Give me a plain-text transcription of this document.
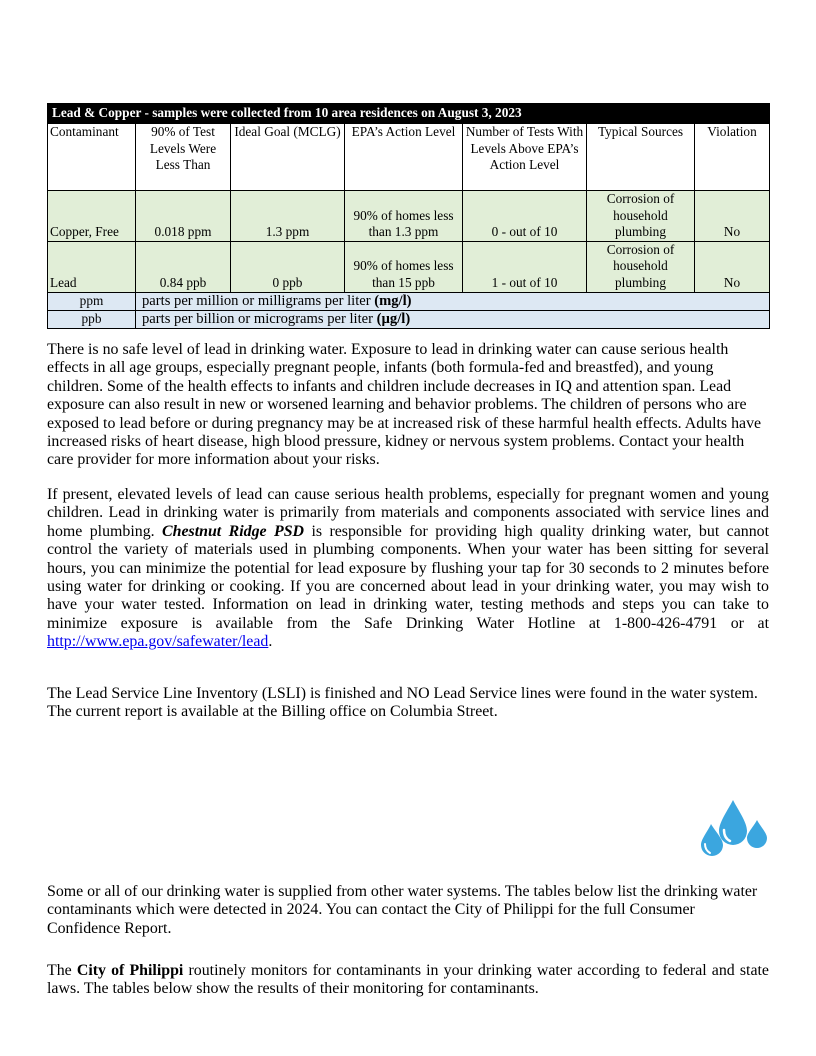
Lead & Copper - samples were collected from 10 area residences on August 3, 2023						
Contaminant	90% of Test Levels Were Less Than	Ideal Goal (MCLG)	EPA’s Action Level	Number of Tests With Levels Above EPA’s Action Level	Typical Sources	Violation
Copper, Free	0.018 ppm	1.3 ppm	90% of homes less than 1.3 ppm	0 - out of 10	Corrosion of household plumbing	No
Lead	0.84 ppb	0 ppb	90% of homes less than 15 ppb	1 - out of 10	Corrosion of household plumbing	No
ppm	parts per million or milligrams per liter (mg/l)					
ppb	parts per billion or micrograms per liter (µg/l)					

There is no safe level of lead in drinking water. Exposure to lead in drinking water can cause serious health effects in all age groups, especially pregnant people, infants (both formula-fed and breastfed), and young children. Some of the health effects to infants and children include decreases in IQ and attention span. Lead exposure can also result in new or worsened learning and behavior problems. The children of persons who are exposed to lead before or during pregnancy may be at increased risk of these harmful health effects. Adults have increased risks of heart disease, high blood pressure, kidney or nervous system problems. Contact your health care provider for more information about your risks.

If present, elevated levels of lead can cause serious health problems, especially for pregnant women and young children. Lead in drinking water is primarily from materials and components associated with service lines and home plumbing. Chestnut Ridge PSD is responsible for providing high quality drinking water, but cannot control the variety of materials used in plumbing components. When your water has been sitting for several hours, you can minimize the potential for lead exposure by flushing your tap for 30 seconds to 2 minutes before using water for drinking or cooking. If you are concerned about lead in your drinking water, you may wish to have your water tested. Information on lead in drinking water, testing methods and steps you can take to minimize exposure is available from the Safe Drinking Water Hotline at 1-800-426-4791 or at http://www.epa.gov/safewater/lead.

The Lead Service Line Inventory (LSLI) is finished and NO Lead Service lines were found in the water system. The current report is available at the Billing office on Columbia Street.

Some or all of our drinking water is supplied from other water systems. The tables below list the drinking water contaminants which were detected in 2024. You can contact the City of Philippi for the full Consumer Confidence Report.

The City of Philippi routinely monitors for contaminants in your drinking water according to federal and state laws. The tables below show the results of their monitoring for contaminants.
